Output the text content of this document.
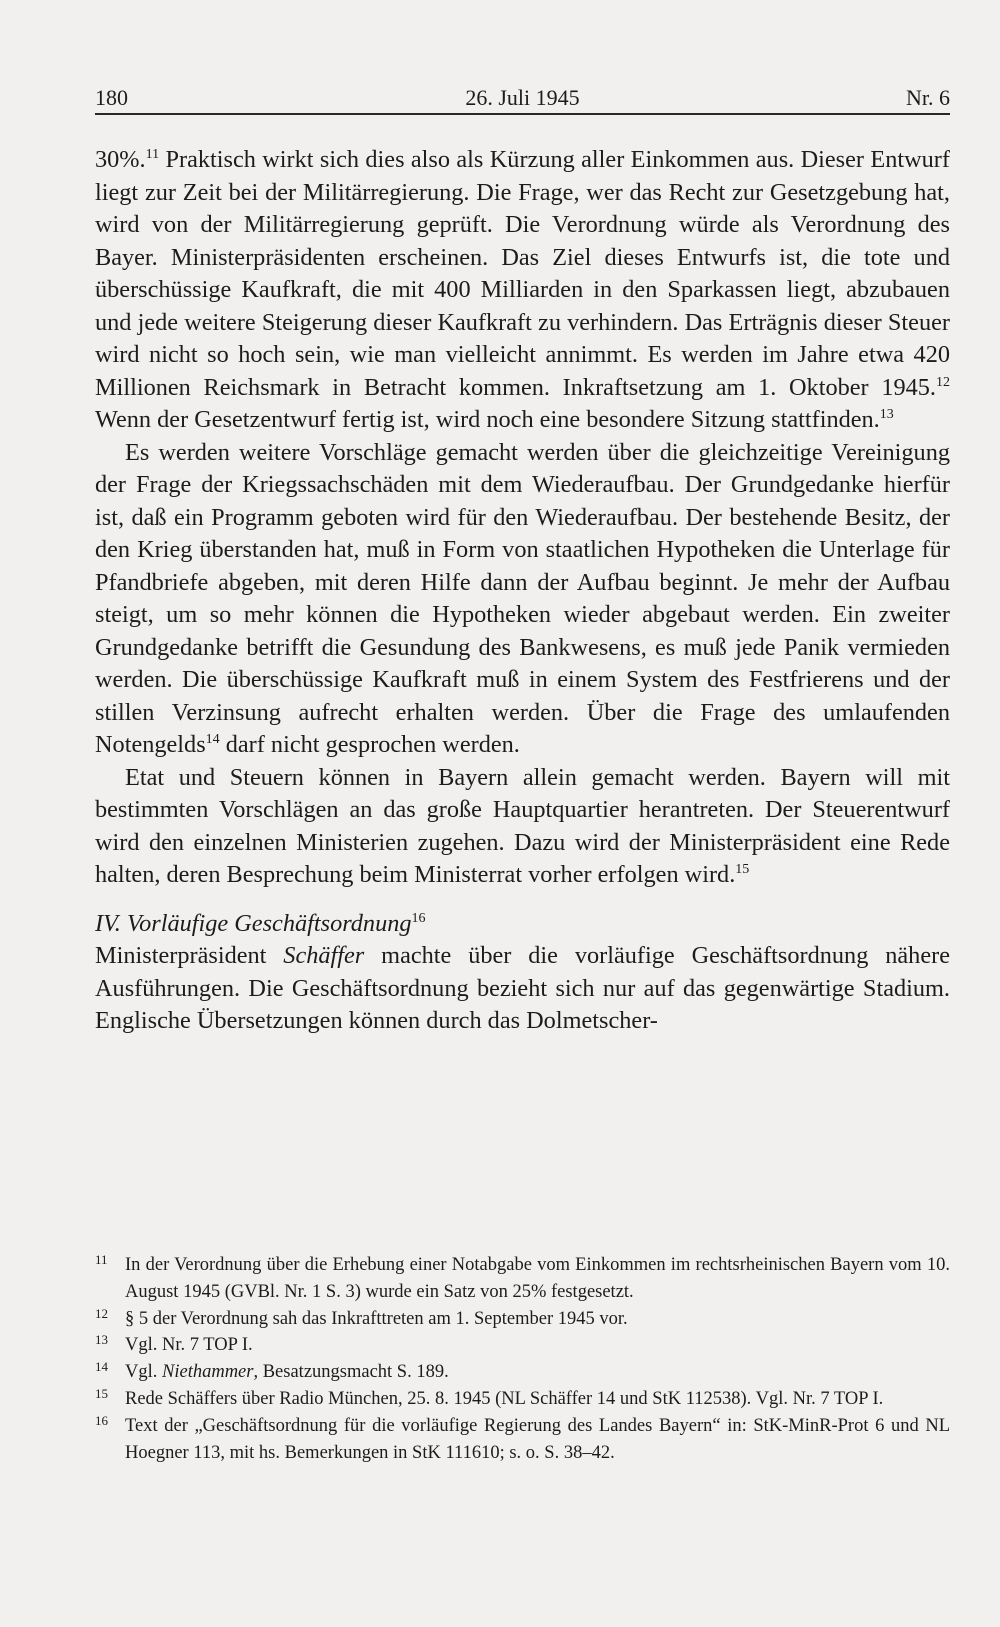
180	26. Juli 1945	Nr. 6

30%.$^{11}$ Praktisch wirkt sich dies also als Kürzung aller Einkommen aus. Dieser Entwurf liegt zur Zeit bei der Militärregierung. Die Frage, wer das Recht zur Gesetzgebung hat, wird von der Militärregierung geprüft. Die Verordnung würde als Verordnung des Bayer. Ministerpräsidenten erscheinen. Das Ziel dieses Entwurfs ist, die tote und überschüssige Kaufkraft, die mit 400 Milliarden in den Sparkassen liegt, abzubauen und jede weitere Steigerung dieser Kaufkraft zu verhindern. Das Erträgnis dieser Steuer wird nicht so hoch sein, wie man vielleicht annimmt. Es werden im Jahre etwa 420 Millionen Reichsmark in Betracht kommen. Inkraftsetzung am 1. Oktober 1945.12 Wenn der Gesetzentwurf fertig ist, wird noch eine besondere Sitzung stattfinden.$^{13}$

Es werden weitere Vorschläge gemacht werden über die gleichzeitige Vereinigung der Frage der Kriegssachschäden mit dem Wiederaufbau. Der Grundgedanke hierfür ist, daß ein Programm geboten wird für den Wiederaufbau. Der bestehende Besitz, der den Krieg überstanden hat, muß in Form von staatlichen Hypotheken die Unterlage für Pfandbriefe abgeben, mit deren Hilfe dann der Aufbau beginnt. Je mehr der Aufbau steigt, um so mehr können die Hypotheken wieder abgebaut werden. Ein zweiter Grundgedanke betrifft die Gesundung des Bankwesens, es muß jede Panik vermieden werden. Die überschüssige Kaufkraft muß in einem System des Festfrierens und der stillen Verzinsung aufrecht erhalten werden. Über die Frage des umlaufenden Notengelds$^{14}$ darf nicht gesprochen werden.

Etat und Steuern können in Bayern allein gemacht werden. Bayern will mit bestimmten Vorschlägen an das große Hauptquartier herantreten. Der Steuerentwurf wird den einzelnen Ministerien zugehen. Dazu wird der Ministerpräsident eine Rede halten, deren Besprechung beim Ministerrat vorher erfolgen wird.$^{15}$

IV. Vorläufige Geschäftsordnung$^{16}$

Ministerpräsident Schäffer machte über die vorläufige Geschäftsordnung nähere Ausführungen. Die Geschäftsordnung bezieht sich nur auf das gegenwärtige Stadium. Englische Übersetzungen können durch das Dolmetscher-

11 In der Verordnung über die Erhebung einer Notabgabe vom Einkommen im rechtsrheinischen Bayern vom 10. August 1945 (GVBl. Nr. 1 S. 3) wurde ein Satz von 25% festgesetzt.
12 § 5 der Verordnung sah das Inkrafttreten am 1. September 1945 vor.
13 Vgl. Nr. 7 TOP I.
14 Vgl. Niethammer, Besatzungsmacht S. 189.
15 Rede Schäffers über Radio München, 25. 8. 1945 (NL Schäffer 14 und StK 112538). Vgl. Nr. 7 TOP I.
16 Text der „Geschäftsordnung für die vorläufige Regierung des Landes Bayern“ in: StK-MinR-Prot 6 und NL Hoegner 113, mit hs. Bemerkungen in StK 111610; s. o. S. 38–42.
